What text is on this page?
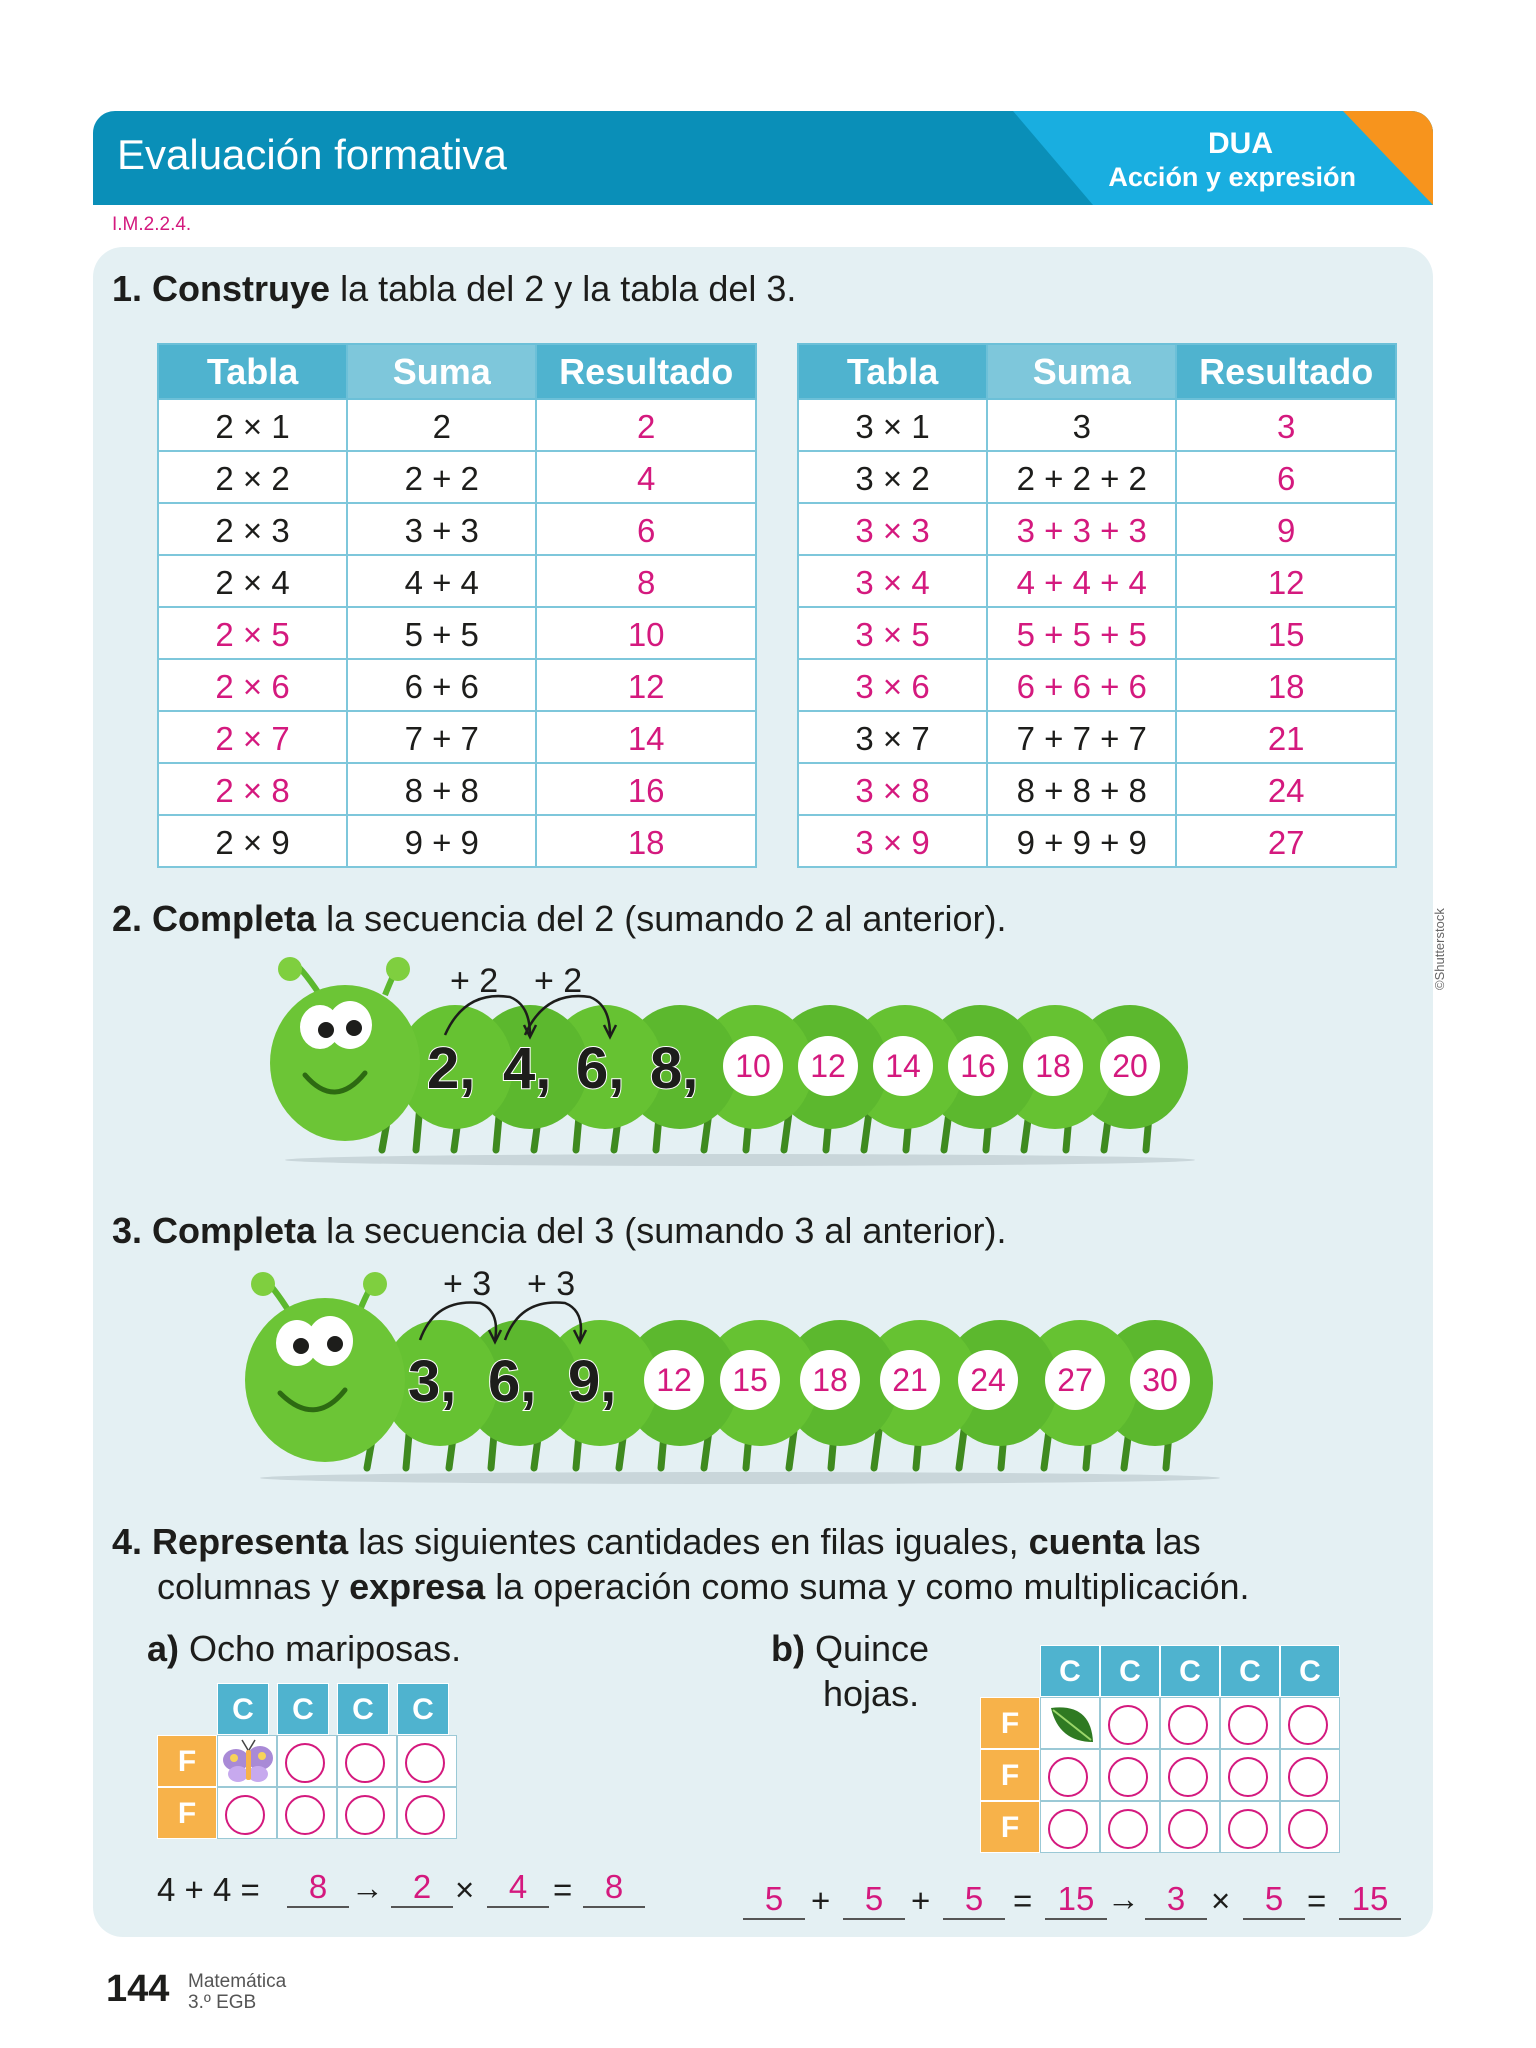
Evaluación formativa	DUA
Acción y expresión
I.M.2.2.4.
1. Construye la tabla del 2 y la tabla del 3.
Tabla	Suma	Resultado
2 × 1	2	2
2 × 2	2 + 2	4
2 × 3	3 + 3	6
2 × 4	4 + 4	8
2 × 5	5 + 5	10
2 × 6	6 + 6	12
2 × 7	7 + 7	14
2 × 8	8 + 8	16
2 × 9	9 + 9	18
Tabla	Suma	Resultado
3 × 1	3	3
3 × 2	2 + 2 + 2	6
3 × 3	3 + 3 + 3	9
3 × 4	4 + 4 + 4	12
3 × 5	5 + 5 + 5	15
3 × 6	6 + 6 + 6	18
3 × 7	7 + 7 + 7	21
3 × 8	8 + 8 + 8	24
3 × 9	9 + 9 + 9	27
2. Completa la secuencia del 2 (sumando 2 al anterior).
+ 2 + 2
2, 4, 6, 8,	10	12	14	16	18	20
3. Completa la secuencia del 3 (sumando 3 al anterior).
+ 3 + 3
3, 6, 9,	12	15	18	21	24	27	30
4. Representa las siguientes cantidades en filas iguales, cuenta las
columnas y expresa la operación como suma y como multiplicación.
a) Ocho mariposas.	b) Quince
hojas.
C	C	C	C
F
F
C	C	C	C	C
F
F
F
4 + 4 =	8 → 2 ×	4 = 8	5 +	5 +	5 = 15 → 3 ×	5 = 15
144 Matemática
3.º EGB
©Shutterstock
